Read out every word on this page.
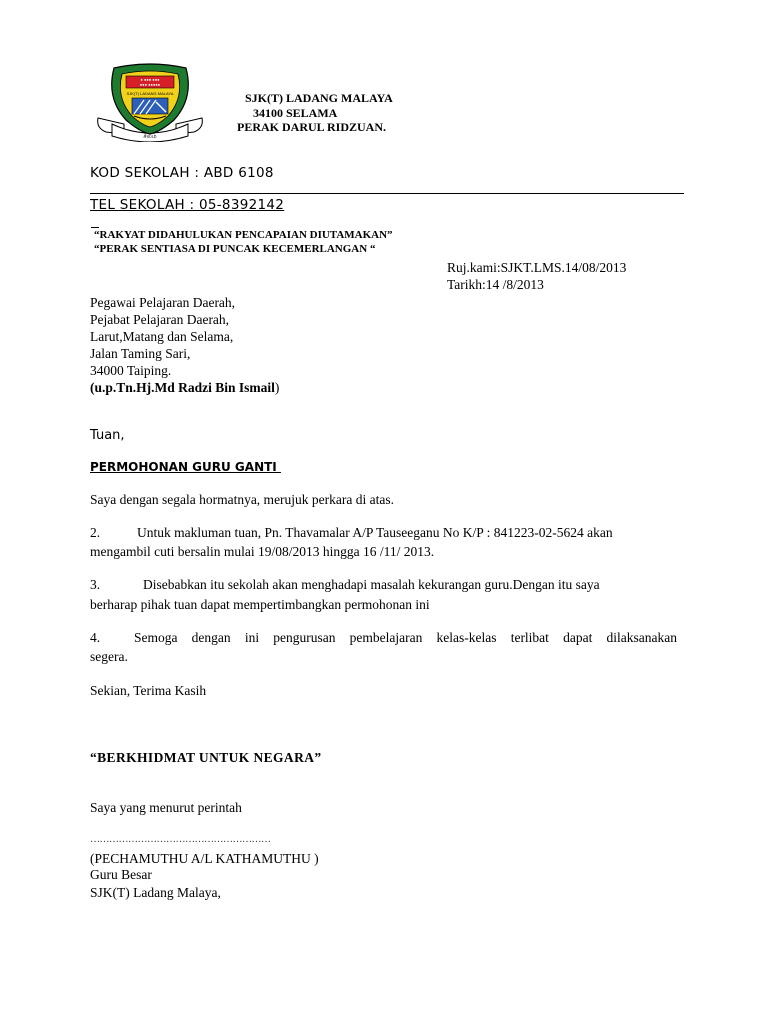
சீலம்
● ●●● ●●●
●●● ●●●●●
SJK(T) LADANG MALAYA	SJK(T) LADANG MALAYA
34100 SELAMA
PERAK DARUL RIDZUAN.
KOD SEKOLAH : ABD 6108
TEL SEKOLAH : 05-8392142
“RAKYAT DIDAHULUKAN PENCAPAIAN DIUTAMAKAN”
“PERAK SENTIASA DI PUNCAK KECEMERLANGAN “
Ruj.kami:SJKT.LMS.14/08/2013
Tarikh:14 /8/2013
Pegawai Pelajaran Daerah,
Pejabat Pelajaran Daerah,
Larut,Matang dan Selama,
Jalan Taming Sari,
34000 Taiping.
(u.p.Tn.Hj.Md Radzi Bin Ismail)
Tuan,
PERMOHONAN GURU GANTI
Saya dengan segala hormatnya, merujuk perkara di atas.
2.	Untuk makluman tuan, Pn. Thavamalar A/P Tauseeganu No K/P : 841223-02-5624 akan
mengambil cuti bersalin mulai 19/08/2013 hingga 16 /11/ 2013.
3.	Disebabkan itu sekolah akan menghadapi masalah kekurangan guru.Dengan itu saya
berharap pihak tuan dapat mempertimbangkan permohonan ini
4.	Semoga dengan ini pengurusan pembelajaran kelas-kelas terlibat dapat dilaksanakan
segera.
Sekian, Terima Kasih
“BERKHIDMAT UNTUK NEGARA”
Saya yang menurut perintah
…………………………………………………
(PECHAMUTHU A/L KATHAMUTHU )
Guru Besar
SJK(T) Ladang Malaya,
